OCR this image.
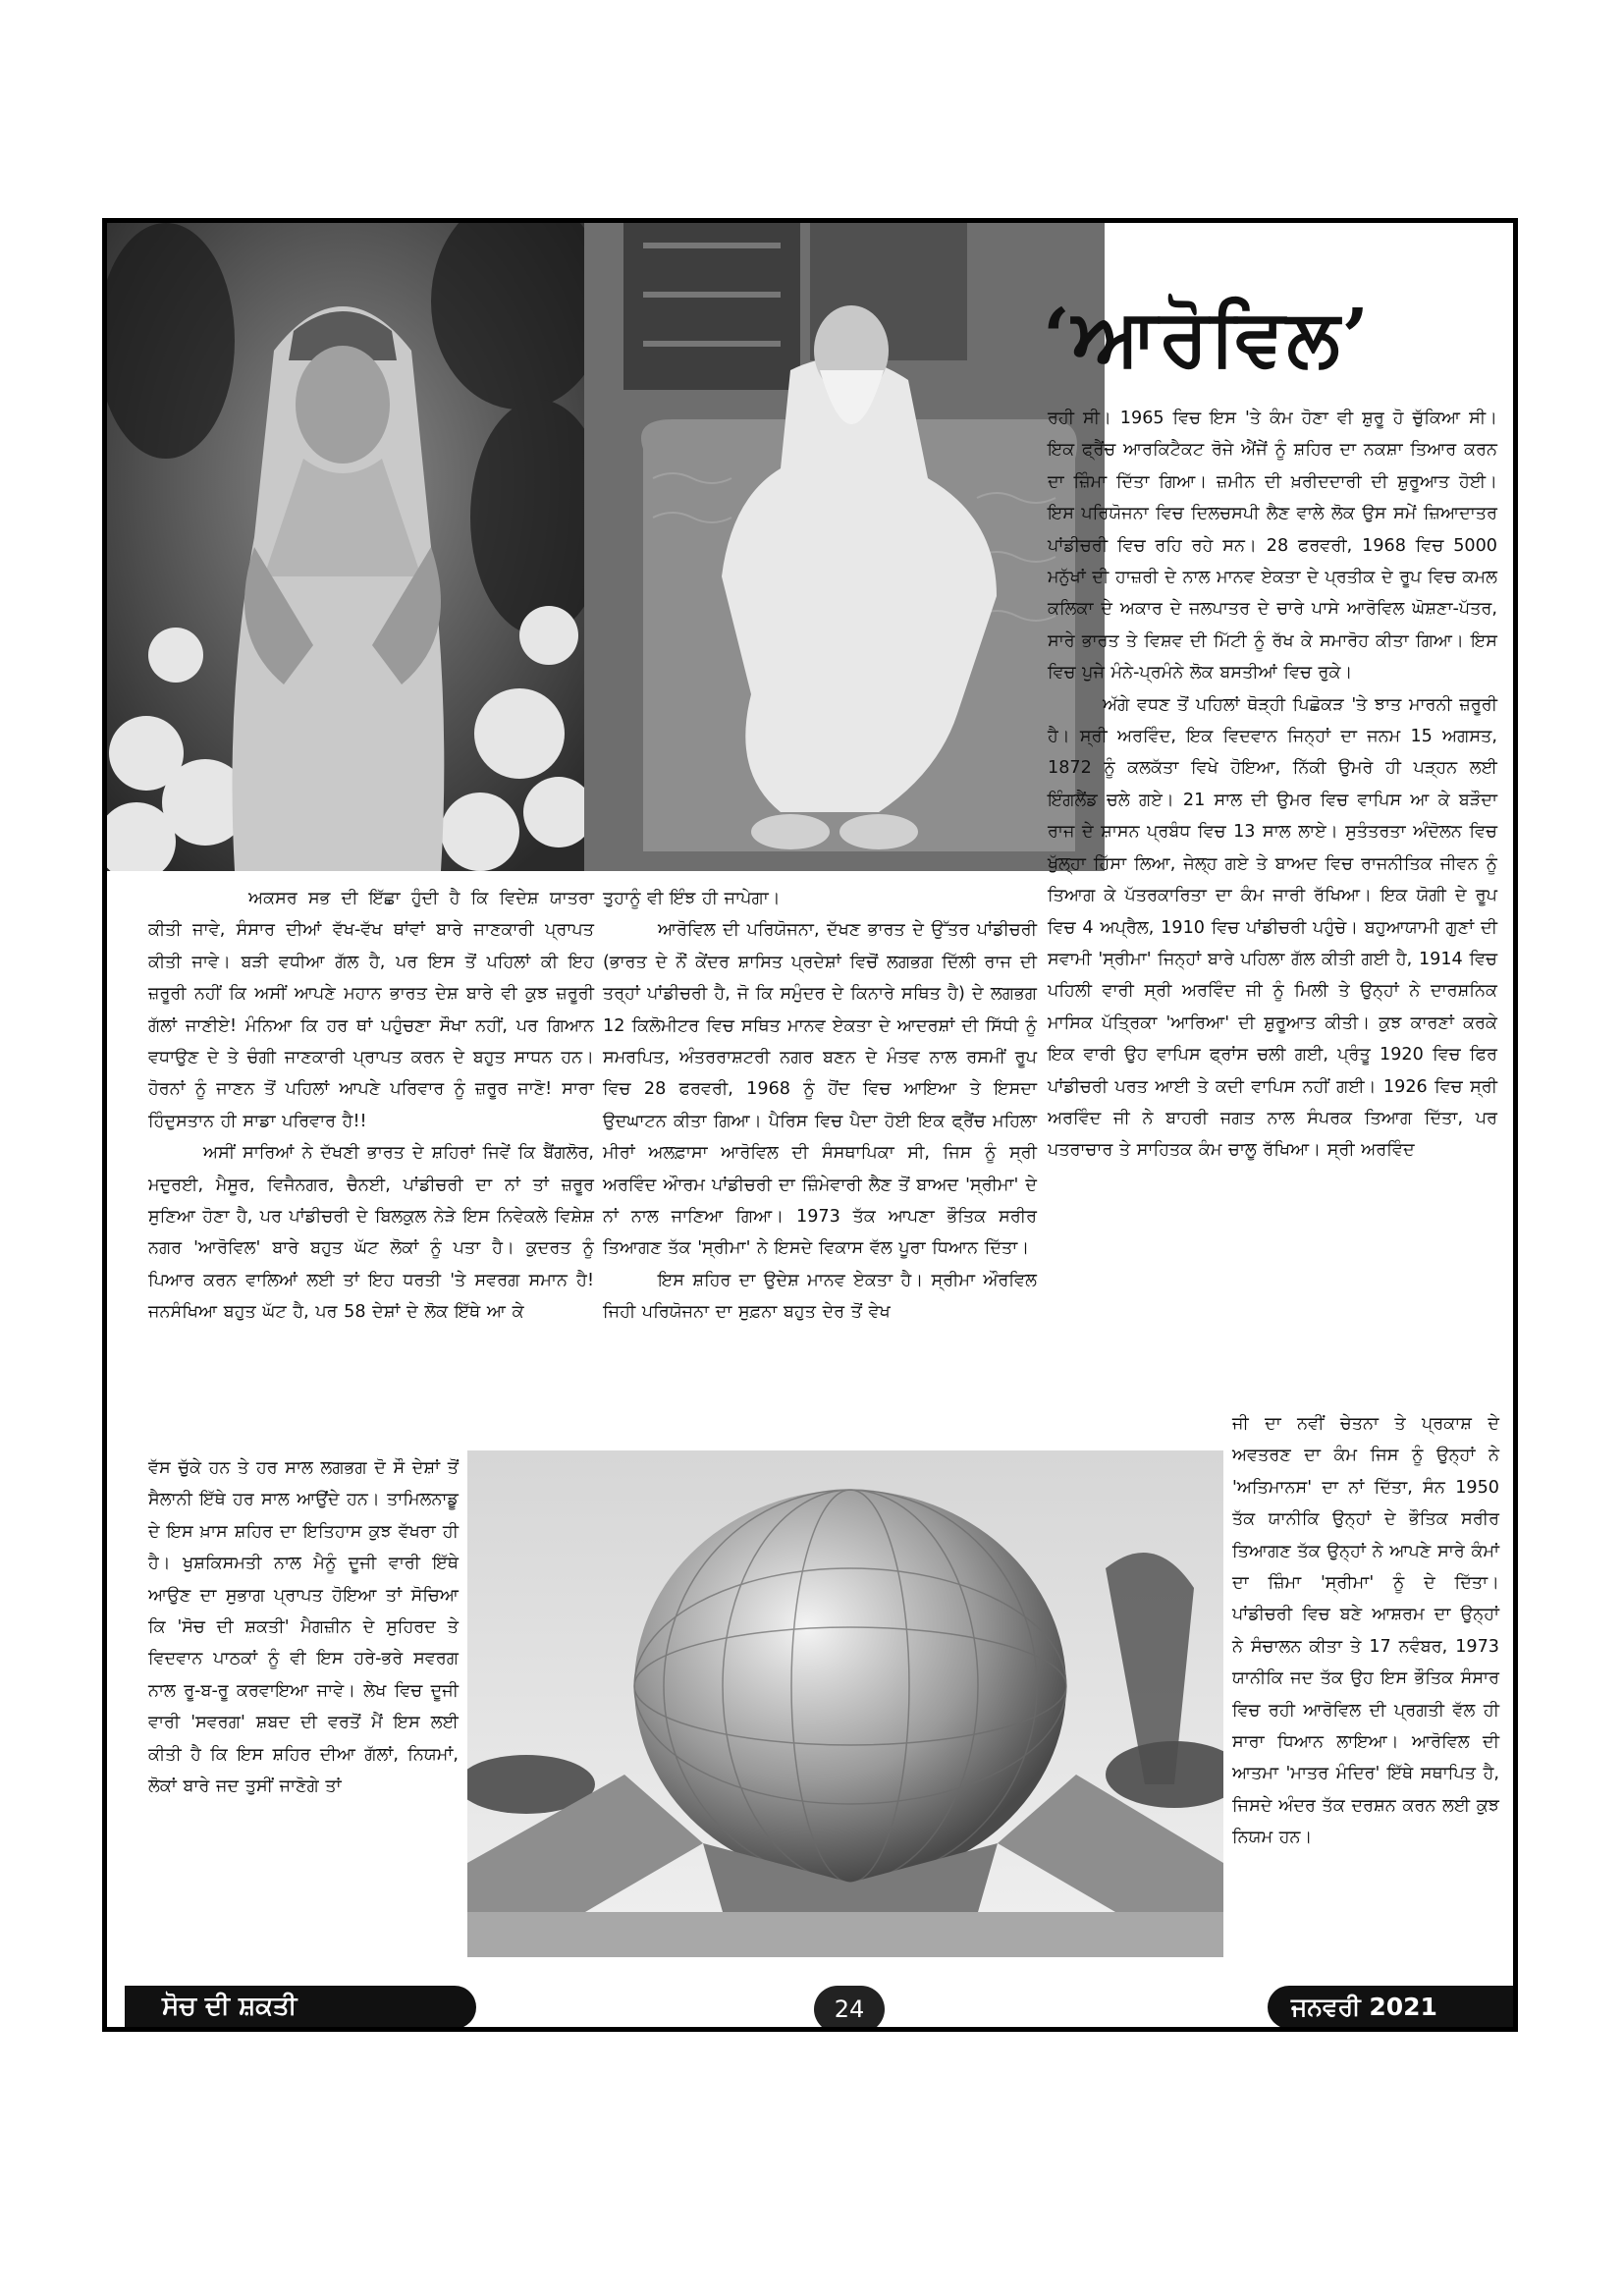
‘ਆਰੋਵਿਲ’

ਰਹੀ ਸੀ। 1965 ਵਿਚ ਇਸ 'ਤੇ ਕੰਮ ਹੋਣਾ ਵੀ ਸ਼ੁਰੂ ਹੋ ਚੁੱਕਿਆ ਸੀ। ਇਕ ਫ੍ਰੈਂਚ ਆਰਕਿਟੈਕਟ ਰੋਜੇ ਐਂਜੇਂ ਨੂੰ ਸ਼ਹਿਰ ਦਾ ਨਕਸ਼ਾ ਤਿਆਰ ਕਰਨ ਦਾ ਜ਼ਿੰਮਾ ਦਿੱਤਾ ਗਿਆ। ਜ਼ਮੀਨ ਦੀ ਖ਼ਰੀਦਦਾਰੀ ਦੀ ਸ਼ੁਰੂਆਤ ਹੋਈ। ਇਸ ਪਰਿਯੋਜਨਾ ਵਿਚ ਦਿਲਚਸਪੀ ਲੈਣ ਵਾਲੇ ਲੋਕ ਉਸ ਸਮੇਂ ਜ਼ਿਆਦਾਤਰ ਪਾਂਡੀਚਰੀ ਵਿਚ ਰਹਿ ਰਹੇ ਸਨ। 28 ਫਰਵਰੀ, 1968 ਵਿਚ 5000 ਮਨੁੱਖਾਂ ਦੀ ਹਾਜ਼ਰੀ ਦੇ ਨਾਲ ਮਾਨਵ ਏਕਤਾ ਦੇ ਪ੍ਰਤੀਕ ਦੇ ਰੂਪ ਵਿਚ ਕਮਲ ਕਲਿਕਾ ਦੇ ਅਕਾਰ ਦੇ ਜਲਪਾਤਰ ਦੇ ਚਾਰੇ ਪਾਸੇ ਆਰੋਵਿਲ ਘੋਸ਼ਣਾ-ਪੱਤਰ, ਸਾਰੇ ਭਾਰਤ ਤੇ ਵਿਸ਼ਵ ਦੀ ਮਿੱਟੀ ਨੂੰ ਰੱਖ ਕੇ ਸਮਾਰੋਹ ਕੀਤਾ ਗਿਆ। ਇਸ ਵਿਚ ਪੁਜੇ ਮੰਨੇ-ਪ੍ਰਮੰਨੇ ਲੋਕ ਬਸਤੀਆਂ ਵਿਚ ਰੁਕੇ।

ਅੱਗੇ ਵਧਣ ਤੋਂ ਪਹਿਲਾਂ ਥੋੜ੍ਹੀ ਪਿਛੋਕੜ 'ਤੇ ਝਾਤ ਮਾਰਨੀ ਜ਼ਰੂਰੀ ਹੈ। ਸ੍ਰੀ ਅਰਵਿੰਦ, ਇਕ ਵਿਦਵਾਨ ਜਿਨ੍ਹਾਂ ਦਾ ਜਨਮ 15 ਅਗਸਤ, 1872 ਨੂੰ ਕਲਕੱਤਾ ਵਿਖੇ ਹੋਇਆ, ਨਿੱਕੀ ਉਮਰੇ ਹੀ ਪੜ੍ਹਨ ਲਈ ਇੰਗਲੈਂਡ ਚਲੇ ਗਏ। 21 ਸਾਲ ਦੀ ਉਮਰ ਵਿਚ ਵਾਪਿਸ ਆ ਕੇ ਬੜੌਦਾ ਰਾਜ ਦੇ ਸ਼ਾਸਨ ਪ੍ਰਬੰਧ ਵਿਚ 13 ਸਾਲ ਲਾਏ। ਸੁਤੰਤਰਤਾ ਅੰਦੋਲਨ ਵਿਚ ਖੁੱਲ੍ਹਾ ਹਿੱਸਾ ਲਿਆ, ਜੇਲ੍ਹ ਗਏ ਤੇ ਬਾਅਦ ਵਿਚ ਰਾਜਨੀਤਿਕ ਜੀਵਨ ਨੂੰ ਤਿਆਗ ਕੇ ਪੱਤਰਕਾਰਿਤਾ ਦਾ ਕੰਮ ਜਾਰੀ ਰੱਖਿਆ। ਇਕ ਯੋਗੀ ਦੇ ਰੂਪ ਵਿਚ 4 ਅਪ੍ਰੈਲ, 1910 ਵਿਚ ਪਾਂਡੀਚਰੀ ਪਹੁੰਚੇ। ਬਹੁਆਯਾਮੀ ਗੁਣਾਂ ਦੀ ਸਵਾਮੀ 'ਸ੍ਰੀਮਾ' ਜਿਨ੍ਹਾਂ ਬਾਰੇ ਪਹਿਲਾ ਗੱਲ ਕੀਤੀ ਗਈ ਹੈ, 1914 ਵਿਚ ਪਹਿਲੀ ਵਾਰੀ ਸ੍ਰੀ ਅਰਵਿੰਦ ਜੀ ਨੂੰ ਮਿਲੀ ਤੇ ਉਨ੍ਹਾਂ ਨੇ ਦਾਰਸ਼ਨਿਕ ਮਾਸਿਕ ਪੱਤ੍ਰਿਕਾ 'ਆਰਿਆ' ਦੀ ਸ਼ੁਰੂਆਤ ਕੀਤੀ। ਕੁਝ ਕਾਰਣਾਂ ਕਰਕੇ ਇਕ ਵਾਰੀ ਉਹ ਵਾਪਿਸ ਫ੍ਰਾਂਸ ਚਲੀ ਗਈ, ਪ੍ਰੰਤੂ 1920 ਵਿਚ ਫਿਰ ਪਾਂਡੀਚਰੀ ਪਰਤ ਆਈ ਤੇ ਕਦੀ ਵਾਪਿਸ ਨਹੀਂ ਗਈ। 1926 ਵਿਚ ਸ੍ਰੀ ਅਰਵਿੰਦ ਜੀ ਨੇ ਬਾਹਰੀ ਜਗਤ ਨਾਲ ਸੰਪਰਕ ਤਿਆਗ ਦਿੱਤਾ, ਪਰ ਪਤਰਾਚਾਰ ਤੇ ਸਾਹਿਤਕ ਕੰਮ ਚਾਲੂ ਰੱਖਿਆ। ਸ੍ਰੀ ਅਰਵਿੰਦ

ਅਕਸਰ ਸਭ ਦੀ ਇੱਛਾ ਹੁੰਦੀ ਹੈ ਕਿ ਵਿਦੇਸ਼ ਯਾਤਰਾ ਕੀਤੀ ਜਾਵੇ, ਸੰਸਾਰ ਦੀਆਂ ਵੱਖ-ਵੱਖ ਥਾਂਵਾਂ ਬਾਰੇ ਜਾਣਕਾਰੀ ਪ੍ਰਾਪਤ ਕੀਤੀ ਜਾਵੇ। ਬੜੀ ਵਧੀਆ ਗੱਲ ਹੈ, ਪਰ ਇਸ ਤੋਂ ਪਹਿਲਾਂ ਕੀ ਇਹ ਜ਼ਰੂਰੀ ਨਹੀਂ ਕਿ ਅਸੀਂ ਆਪਣੇ ਮਹਾਨ ਭਾਰਤ ਦੇਸ਼ ਬਾਰੇ ਵੀ ਕੁਝ ਜ਼ਰੂਰੀ ਗੱਲਾਂ ਜਾਣੀਏ! ਮੰਨਿਆ ਕਿ ਹਰ ਥਾਂ ਪਹੁੰਚਣਾ ਸੌਖਾ ਨਹੀਂ, ਪਰ ਗਿਆਨ ਵਧਾਉਣ ਦੇ ਤੇ ਚੰਗੀ ਜਾਣਕਾਰੀ ਪ੍ਰਾਪਤ ਕਰਨ ਦੇ ਬਹੁਤ ਸਾਧਨ ਹਨ। ਹੋਰਨਾਂ ਨੂੰ ਜਾਣਨ ਤੋਂ ਪਹਿਲਾਂ ਆਪਣੇ ਪਰਿਵਾਰ ਨੂੰ ਜ਼ਰੂਰ ਜਾਣੋ! ਸਾਰਾ ਹਿੰਦੁਸਤਾਨ ਹੀ ਸਾਡਾ ਪਰਿਵਾਰ ਹੈ!!

ਅਸੀਂ ਸਾਰਿਆਂ ਨੇ ਦੱਖਣੀ ਭਾਰਤ ਦੇ ਸ਼ਹਿਰਾਂ ਜਿਵੇਂ ਕਿ ਬੈਂਗਲੋਰ, ਮਦੁਰਈ, ਮੈਸੂਰ, ਵਿਜੈਨਗਰ, ਚੈਨਈ, ਪਾਂਡੀਚਰੀ ਦਾ ਨਾਂ ਤਾਂ ਜ਼ਰੂਰ ਸੁਣਿਆ ਹੋਣਾ ਹੈ, ਪਰ ਪਾਂਡੀਚਰੀ ਦੇ ਬਿਲਕੁਲ ਨੇੜੇ ਇਸ ਨਿਵੇਕਲੇ ਵਿਸ਼ੇਸ਼ ਨਗਰ 'ਆਰੋਵਿਲ' ਬਾਰੇ ਬਹੁਤ ਘੱਟ ਲੋਕਾਂ ਨੂੰ ਪਤਾ ਹੈ। ਕੁਦਰਤ ਨੂੰ ਪਿਆਰ ਕਰਨ ਵਾਲਿਆਂ ਲਈ ਤਾਂ ਇਹ ਧਰਤੀ 'ਤੇ ਸਵਰਗ ਸਮਾਨ ਹੈ! ਜਨਸੰਖਿਆ ਬਹੁਤ ਘੱਟ ਹੈ, ਪਰ 58 ਦੇਸ਼ਾਂ ਦੇ ਲੋਕ ਇੱਥੇ ਆ ਕੇ

ਤੁਹਾਨੂੰ ਵੀ ਇੰਝ ਹੀ ਜਾਪੇਗਾ।

ਆਰੋਵਿਲ ਦੀ ਪਰਿਯੋਜਨਾ, ਦੱਖਣ ਭਾਰਤ ਦੇ ਉੱਤਰ ਪਾਂਡੀਚਰੀ (ਭਾਰਤ ਦੇ ਨੌਂ ਕੇਂਦਰ ਸ਼ਾਸਿਤ ਪ੍ਰਦੇਸ਼ਾਂ ਵਿਚੋਂ ਲਗਭਗ ਦਿੱਲੀ ਰਾਜ ਦੀ ਤਰ੍ਹਾਂ ਪਾਂਡੀਚਰੀ ਹੈ, ਜੋ ਕਿ ਸਮੁੰਦਰ ਦੇ ਕਿਨਾਰੇ ਸਥਿਤ ਹੈ) ਦੇ ਲਗਭਗ 12 ਕਿਲੋਮੀਟਰ ਵਿਚ ਸਥਿਤ ਮਾਨਵ ਏਕਤਾ ਦੇ ਆਦਰਸ਼ਾਂ ਦੀ ਸਿੱਧੀ ਨੂੰ ਸਮਰਪਿਤ, ਅੰਤਰਰਾਸ਼ਟਰੀ ਨਗਰ ਬਣਨ ਦੇ ਮੰਤਵ ਨਾਲ ਰਸਮੀਂ ਰੂਪ ਵਿਚ 28 ਫਰਵਰੀ, 1968 ਨੂੰ ਹੋਂਦ ਵਿਚ ਆਇਆ ਤੇ ਇਸਦਾ ਉਦਘਾਟਨ ਕੀਤਾ ਗਿਆ। ਪੈਰਿਸ ਵਿਚ ਪੈਦਾ ਹੋਈ ਇਕ ਫ੍ਰੈਂਚ ਮਹਿਲਾ ਮੀਰਾਂ ਅਲਫ਼ਾਸਾ ਆਰੋਵਿਲ ਦੀ ਸੰਸਥਾਪਿਕਾ ਸੀ, ਜਿਸ ਨੂੰ ਸ੍ਰੀ ਅਰਵਿੰਦ ਔਾਰਮ ਪਾਂਡੀਚਰੀ ਦਾ ਜ਼ਿੰਮੇਵਾਰੀ ਲੈਣ ਤੋਂ ਬਾਅਦ 'ਸ੍ਰੀਮਾ' ਦੇ ਨਾਂ ਨਾਲ ਜਾਣਿਆ ਗਿਆ। 1973 ਤੱਕ ਆਪਣਾ ਭੌਤਿਕ ਸਰੀਰ ਤਿਆਗਣ ਤੱਕ 'ਸ੍ਰੀਮਾ' ਨੇ ਇਸਦੇ ਵਿਕਾਸ ਵੱਲ ਪੂਰਾ ਧਿਆਨ ਦਿੱਤਾ।

ਇਸ ਸ਼ਹਿਰ ਦਾ ਉਦੇਸ਼ ਮਾਨਵ ਏਕਤਾ ਹੈ। ਸ੍ਰੀਮਾ ਔਰਵਿਲ ਜਿਹੀ ਪਰਿਯੋਜਨਾ ਦਾ ਸੁਫ਼ਨਾ ਬਹੁਤ ਦੇਰ ਤੋਂ ਵੇਖ

ਵੱਸ ਚੁੱਕੇ ਹਨ ਤੇ ਹਰ ਸਾਲ ਲਗਭਗ ਦੋ ਸੌ ਦੇਸ਼ਾਂ ਤੋਂ ਸੈਲਾਨੀ ਇੱਥੇ ਹਰ ਸਾਲ ਆਉਂਦੇ ਹਨ। ਤਾਮਿਲਨਾਡੂ ਦੇ ਇਸ ਖ਼ਾਸ ਸ਼ਹਿਰ ਦਾ ਇਤਿਹਾਸ ਕੁਝ ਵੱਖਰਾ ਹੀ ਹੈ। ਖੁਸ਼ਕਿਸਮਤੀ ਨਾਲ ਮੈਨੂੰ ਦੂਜੀ ਵਾਰੀ ਇੱਥੇ ਆਉਣ ਦਾ ਸੁਭਾਗ ਪ੍ਰਾਪਤ ਹੋਇਆ ਤਾਂ ਸੋਚਿਆ ਕਿ 'ਸੋਚ ਦੀ ਸ਼ਕਤੀ' ਮੈਗਜ਼ੀਨ ਦੇ ਸੁਹਿਰਦ ਤੇ ਵਿਦਵਾਨ ਪਾਠਕਾਂ ਨੂੰ ਵੀ ਇਸ ਹਰੇ-ਭਰੇ ਸਵਰਗ ਨਾਲ ਰੂ-ਬ-ਰੂ ਕਰਵਾਇਆ ਜਾਵੇ। ਲੇਖ ਵਿਚ ਦੂਜੀ ਵਾਰੀ 'ਸਵਰਗ' ਸ਼ਬਦ ਦੀ ਵਰਤੋਂ ਮੈਂ ਇਸ ਲਈ ਕੀਤੀ ਹੈ ਕਿ ਇਸ ਸ਼ਹਿਰ ਦੀਆ ਗੱਲਾਂ, ਨਿਯਮਾਂ, ਲੋਕਾਂ ਬਾਰੇ ਜਦ ਤੁਸੀਂ ਜਾਣੋਗੇ ਤਾਂ

ਜੀ ਦਾ ਨਵੀਂ ਚੇਤਨਾ ਤੇ ਪ੍ਰਕਾਸ਼ ਦੇ ਅਵਤਰਣ ਦਾ ਕੰਮ ਜਿਸ ਨੂੰ ਉਨ੍ਹਾਂ ਨੇ 'ਅਤਿਮਾਨਸ' ਦਾ ਨਾਂ ਦਿੱਤਾ, ਸੰਨ 1950 ਤੱਕ ਯਾਨੀਕਿ ਉਨ੍ਹਾਂ ਦੇ ਭੌਤਿਕ ਸਰੀਰ ਤਿਆਗਣ ਤੱਕ ਉਨ੍ਹਾਂ ਨੇ ਆਪਣੇ ਸਾਰੇ ਕੰਮਾਂ ਦਾ ਜ਼ਿੰਮਾ 'ਸ੍ਰੀਮਾ' ਨੂੰ ਦੇ ਦਿੱਤਾ। ਪਾਂਡੀਚਰੀ ਵਿਚ ਬਣੇ ਆਸ਼ਰਮ ਦਾ ਉਨ੍ਹਾਂ ਨੇ ਸੰਚਾਲਨ ਕੀਤਾ ਤੇ 17 ਨਵੰਬਰ, 1973 ਯਾਨੀਕਿ ਜਦ ਤੱਕ ਉਹ ਇਸ ਭੌਤਿਕ ਸੰਸਾਰ ਵਿਚ ਰਹੀ ਆਰੋਵਿਲ ਦੀ ਪ੍ਰਗਤੀ ਵੱਲ ਹੀ ਸਾਰਾ ਧਿਆਨ ਲਾਇਆ। ਆਰੋਵਿਲ ਦੀ ਆਤਮਾ 'ਮਾਤਰ ਮੰਦਿਰ' ਇੱਥੇ ਸਥਾਪਿਤ ਹੈ, ਜਿਸਦੇ ਅੰਦਰ ਤੱਕ ਦਰਸ਼ਨ ਕਰਨ ਲਈ ਕੁਝ ਨਿਯਮ ਹਨ।

ਸੋਚ ਦੀ ਸ਼ਕਤੀ	24	ਜਨਵਰੀ 2021
